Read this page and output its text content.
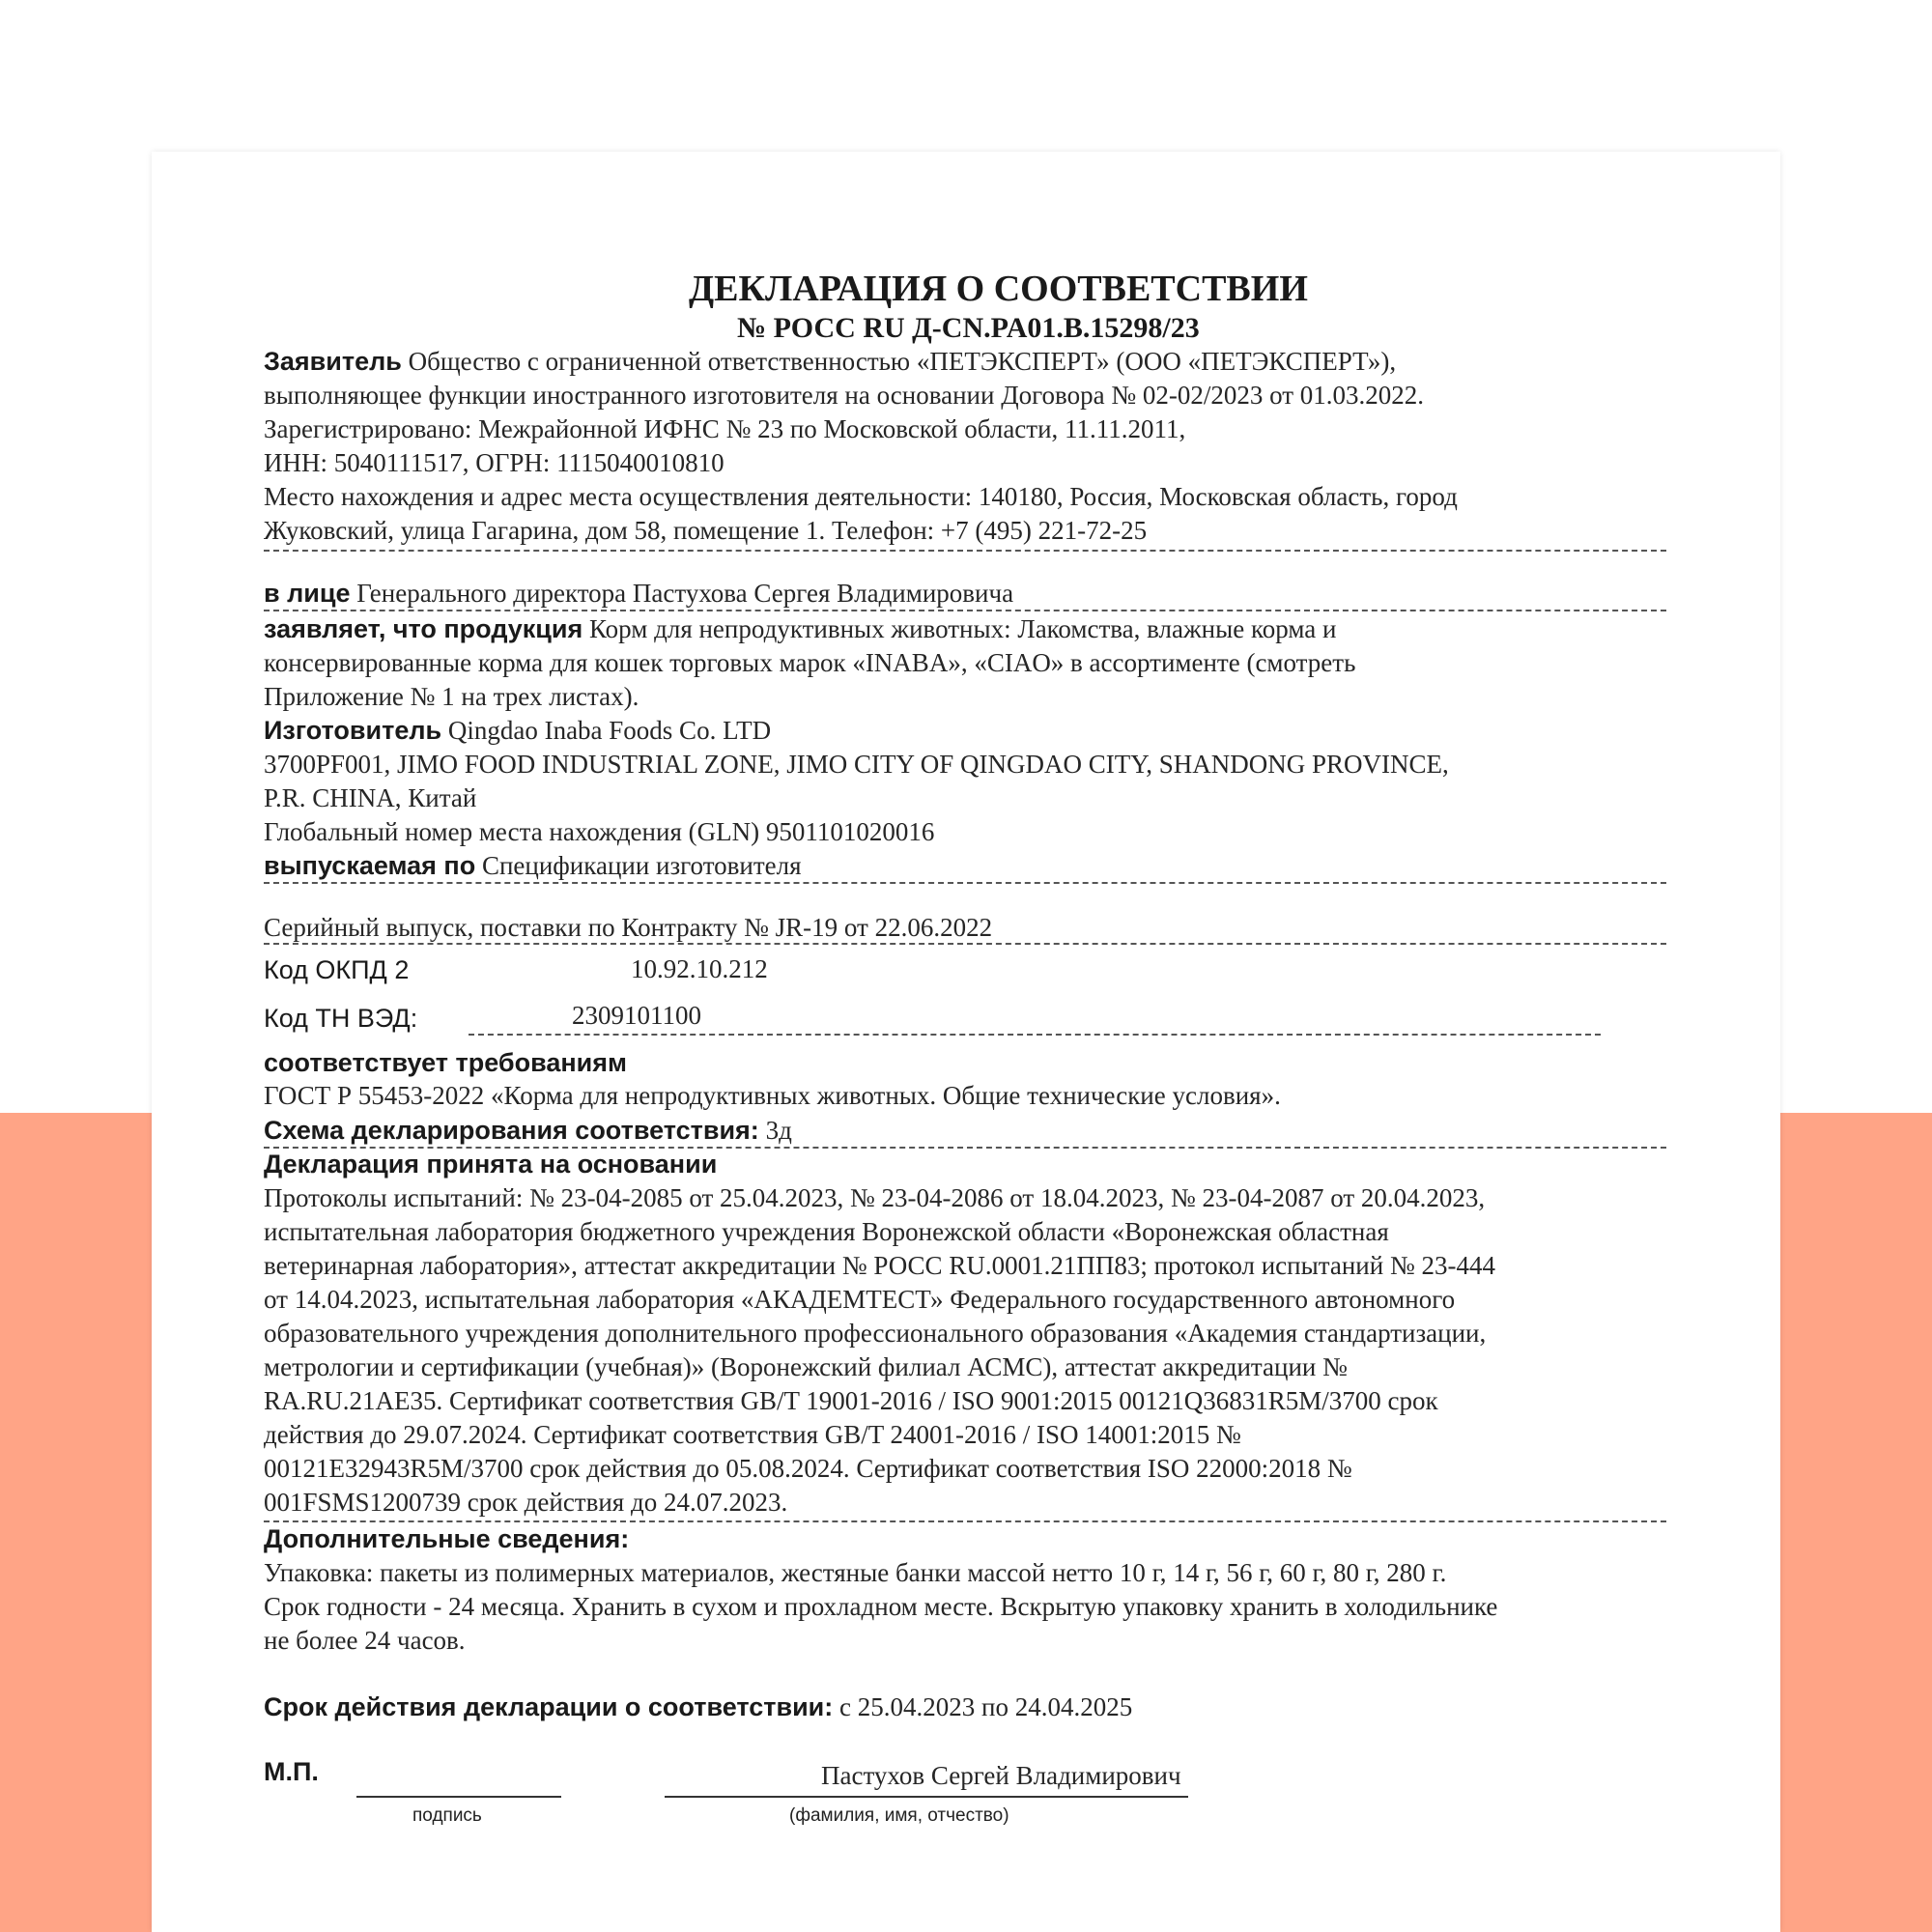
ДЕКЛАРАЦИЯ О СООТВЕТСТВИИ
№ РОСС RU Д-CN.PA01.B.15298/23
Заявитель Общество с ограниченной ответственностью «ПЕТЭКСПЕРТ» (ООО «ПЕТЭКСПЕРТ»),
выполняющее функции иностранного изготовителя на основании Договора № 02-02/2023 от 01.03.2022.
Зарегистрировано: Межрайонной ИФНС № 23 по Московской области, 11.11.2011,
ИНН: 5040111517, ОГРН: 1115040010810
Место нахождения и адрес места осуществления деятельности: 140180, Россия, Московская область, город
Жуковский, улица Гагарина, дом 58, помещение 1. Телефон: +7 (495) 221-72-25
в лице Генерального директора Пастухова Сергея Владимировича
заявляет, что продукция Корм для непродуктивных животных: Лакомства, влажные корма и
консервированные корма для кошек торговых марок «INABA», «CIAO» в ассортименте (смотреть
Приложение № 1 на трех листах).
Изготовитель Qingdao Inaba Foods Co. LTD
3700PF001, JIMO FOOD INDUSTRIAL ZONE, JIMO CITY OF QINGDAO CITY, SHANDONG PROVINCE,
P.R. CHINA, Китай
Глобальный номер места нахождения (GLN) 9501101020016
выпускаемая по Спецификации изготовителя
Серийный выпуск, поставки по Контракту № JR-19 от 22.06.2022
Код ОКПД 2	10.92.10.212
Код ТН ВЭД:	2309101100
соответствует требованиям
ГОСТ Р 55453-2022 «Корма для непродуктивных животных. Общие технические условия».
Схема декларирования соответствия: 3д
Декларация принята на основании
Протоколы испытаний: № 23-04-2085 от 25.04.2023, № 23-04-2086 от 18.04.2023, № 23-04-2087 от 20.04.2023,
испытательная лаборатория бюджетного учреждения Воронежской области «Воронежская областная
ветеринарная лаборатория», аттестат аккредитации № РОСС RU.0001.21ПП83; протокол испытаний № 23-444
от 14.04.2023, испытательная лаборатория «АКАДЕМТЕСТ» Федерального государственного автономного
образовательного учреждения дополнительного профессионального образования «Академия стандартизации,
метрологии и сертификации (учебная)» (Воронежский филиал АСМС), аттестат аккредитации №
RA.RU.21AE35. Сертификат соответствия GB/T 19001-2016 / ISO 9001:2015 00121Q36831R5M/3700 срок
действия до 29.07.2024. Сертификат соответствия GB/T 24001-2016 / ISO 14001:2015 №
00121E32943R5M/3700 срок действия до 05.08.2024. Сертификат соответствия ISO 22000:2018 №
001FSMS1200739 срок действия до 24.07.2023.
Дополнительные сведения:
Упаковка: пакеты из полимерных материалов, жестяные банки массой нетто 10 г, 14 г, 56 г, 60 г, 80 г, 280 г.
Срок годности - 24 месяца. Хранить в сухом и прохладном месте. Вскрытую упаковку хранить в холодильнике
не более 24 часов.
Срок действия декларации о соответствии: с 25.04.2023 по 24.04.2025
М.П.
подпись
Пастухов Сергей Владимирович
(фамилия, имя, отчество)
